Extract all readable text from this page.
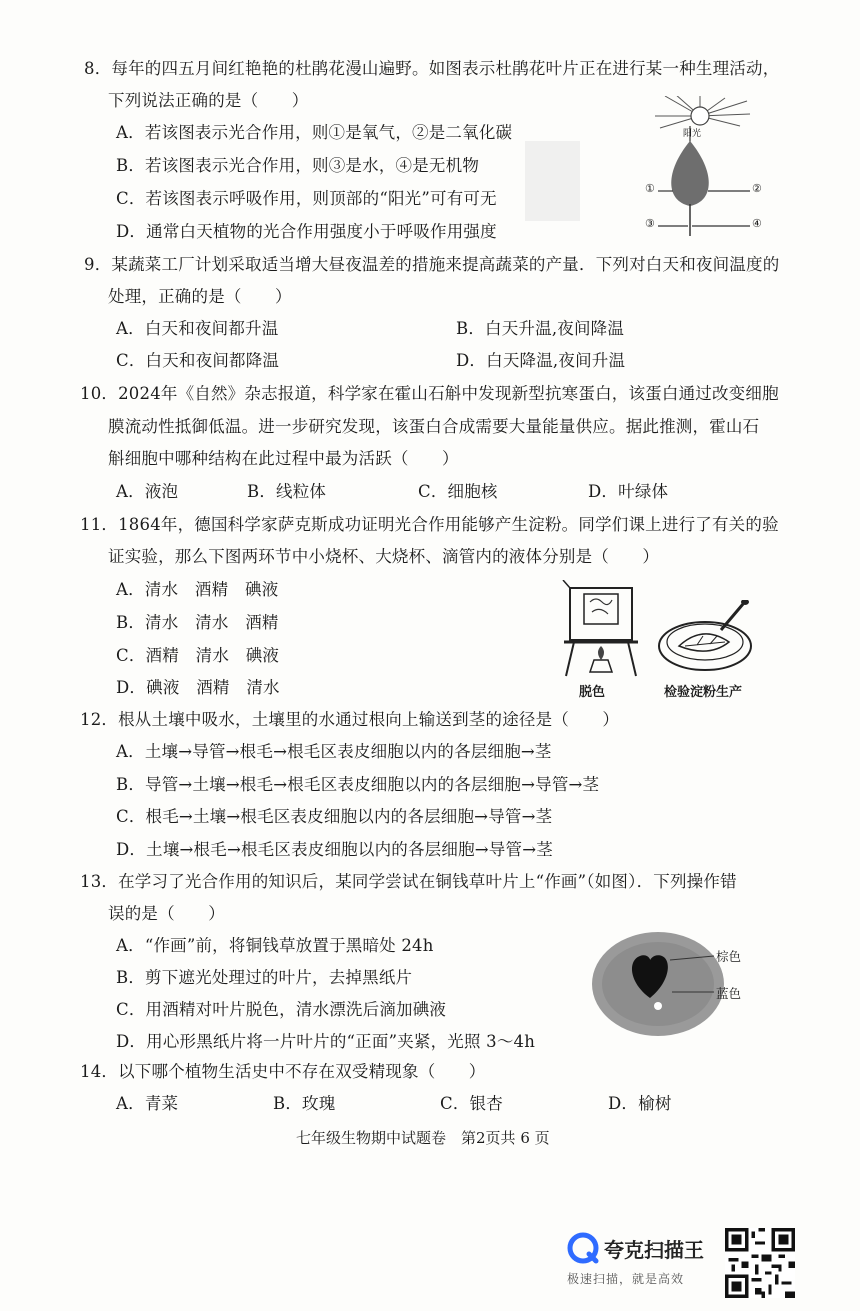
8．每年的四五月间红艳艳的杜鹃花漫山遍野。如图表示杜鹃花叶片正在进行某一种生理活动，
下列说法正确的是（　　）
A．若该图表示光合作用，则①是氧气，②是二氧化碳
B．若该图表示光合作用，则③是水，④是无机物
C．若该图表示呼吸作用，则顶部的“阳光”可有可无
D．通常白天植物的光合作用强度小于呼吸作用强度
阳光
①	②
③	④
9．某蔬菜工厂计划采取适当增大昼夜温差的措施来提高蔬菜的产量．下列对白天和夜间温度的
处理，正确的是（　　）
A．白天和夜间都升温	B．白天升温,夜间降温
C．白天和夜间都降温	D．白天降温,夜间升温
10．2024年《自然》杂志报道，科学家在霍山石斛中发现新型抗寒蛋白，该蛋白通过改变细胞
膜流动性抵御低温。进一步研究发现，该蛋白合成需要大量能量供应。据此推测，霍山石
斛细胞中哪种结构在此过程中最为活跃（　　）
A．液泡	B．线粒体	C．细胞核	D．叶绿体
11．1864年，德国科学家萨克斯成功证明光合作用能够产生淀粉。同学们课上进行了有关的验
证实验，那么下图两环节中小烧杯、大烧杯、滴管内的液体分别是（　　）
A．清水　酒精　碘液
B．清水　清水　酒精
C．酒精　清水　碘液
D．碘液　酒精　清水	脱色	检验淀粉生产
12．根从土壤中吸水，土壤里的水通过根向上输送到茎的途径是（　　）
A．土壤→导管→根毛→根毛区表皮细胞以内的各层细胞→茎
B．导管→土壤→根毛→根毛区表皮细胞以内的各层细胞→导管→茎
C．根毛→土壤→根毛区表皮细胞以内的各层细胞→导管→茎
D．土壤→根毛→根毛区表皮细胞以内的各层细胞→导管→茎
13．在学习了光合作用的知识后，某同学尝试在铜钱草叶片上“作画”（如图）．下列操作错
误的是（　　）
A．“作画”前，将铜钱草放置于黑暗处 24h
B．剪下遮光处理过的叶片，去掉黑纸片
C．用酒精对叶片脱色，清水漂洗后滴加碘液
D．用心形黑纸片将一片叶片的“正面”夹紧，光照 3～4h
棕色
蓝色
14．以下哪个植物生活史中不存在双受精现象（　　）
A．青菜	B．玫瑰	C．银杏	D．榆树
七年级生物期中试题卷　第2页共 6 页
夸克扫描王
极速扫描，就是高效
